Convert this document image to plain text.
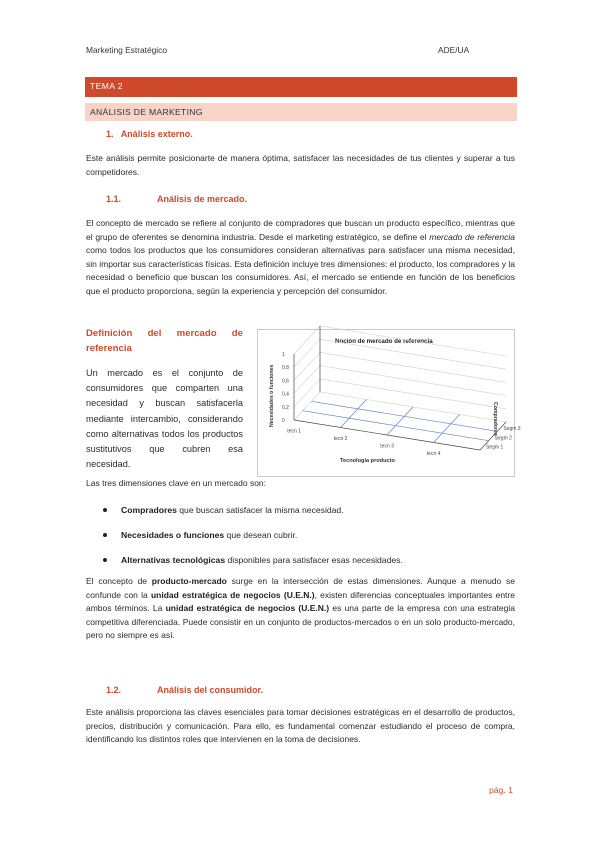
Marketing Estratégico	ADE/UA
TEMA 2
ANÁLISIS DE MARKETING
1. Análisis externo.
Este análisis permite posicionarte de manera óptima, satisfacer las necesidades de tus clientes y superar a tus competidores.
1.1.	Análisis de mercado.
El concepto de mercado se refiere al conjunto de compradores que buscan un producto específico, mientras que el grupo de oferentes se denomina industria. Desde el marketing estratégico, se define el mercado de referencia como todos los productos que los consumidores consideran alternativas para satisfacer una misma necesidad, sin importar sus características físicas. Esta definición incluye tres dimensiones: el producto, los compradores y la necesidad o beneficio que buscan los consumidores. Así, el mercado se entiende en función de los beneficios que el producto proporciona, según la experiencia y percepción del consumidor.
Definición del mercado de referencia
Un mercado es el conjunto de consumidores que comparten una necesidad y buscan satisfacerla mediante intercambio, considerando como alternativas todos los productos sustitutivos que cubren esa necesidad.
Noción de mercado de referencia
0
0,2
0,4
0,6
0,8
1
tecn 1
tecn 2
tecn 3
tecn 4
Segm 1
Segm 2
Segm 3
Necesidades o funciones
Tecnología producto
Compradores
Las tres dimensiones clave en un mercado son:
Compradores que buscan satisfacer la misma necesidad.
Necesidades o funciones que desean cubrir.
Alternativas tecnológicas disponibles para satisfacer esas necesidades.
El concepto de producto-mercado surge en la intersección de estas dimensiones. Aunque a menudo se confunde con la unidad estratégica de negocios (U.E.N.), existen diferencias conceptuales importantes entre ambos términos. La unidad estratégica de negocios (U.E.N.) es una parte de la empresa con una estrategia competitiva diferenciada. Puede consistir en un conjunto de productos-mercados o en un solo producto-mercado, pero no siempre es así.
1.2.	Análisis del consumidor.
Este análisis proporciona las claves esenciales para tomar decisiones estratégicas en el desarrollo de productos, precios, distribución y comunicación. Para ello, es fundamental comenzar estudiando el proceso de compra, identificando los distintos roles que intervienen en la toma de decisiones.
pág. 1
